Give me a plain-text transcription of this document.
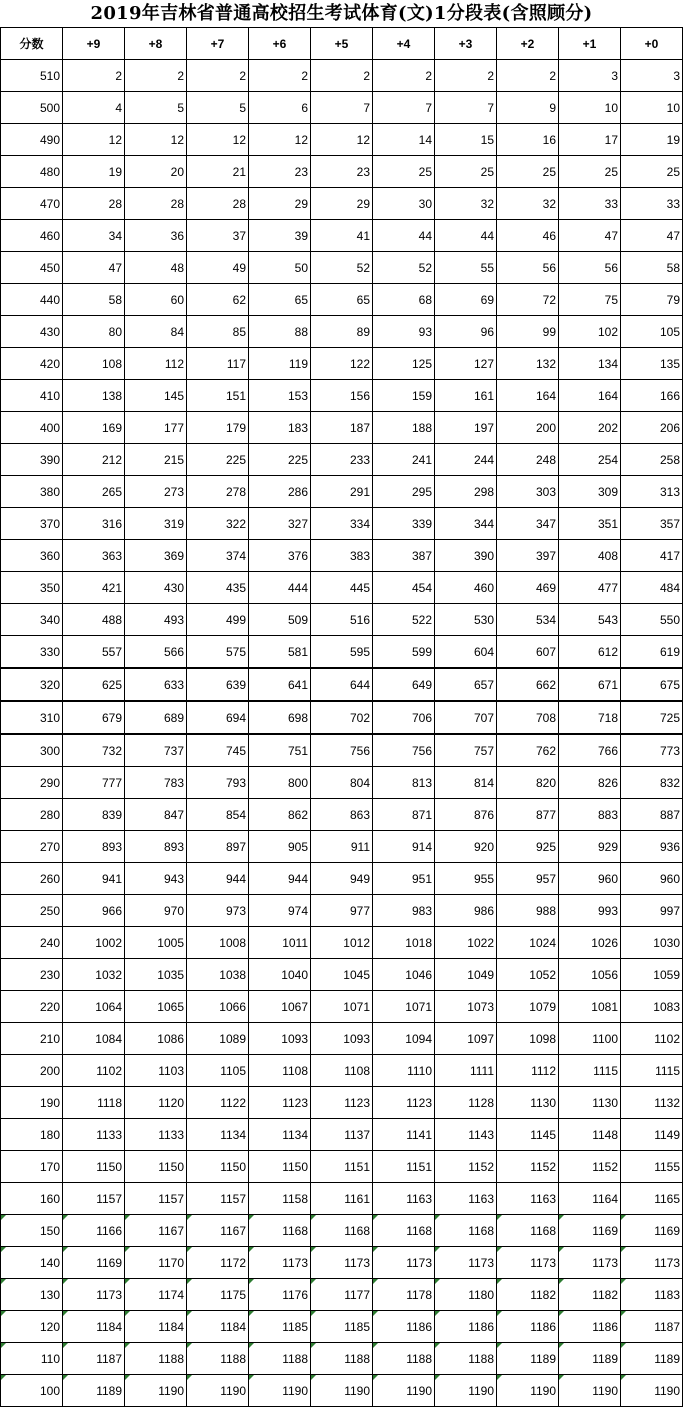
2019年吉林省普通高校招生考试体育(文)1分段表(含照顾分)
分数	+9	+8	+7	+6	+5	+4	+3	+2	+1	+0
510	2	2	2	2	2	2	2	2	3	3
500	4	5	5	6	7	7	7	9	10	10
490	12	12	12	12	12	14	15	16	17	19
480	19	20	21	23	23	25	25	25	25	25
470	28	28	28	29	29	30	32	32	33	33
460	34	36	37	39	41	44	44	46	47	47
450	47	48	49	50	52	52	55	56	56	58
440	58	60	62	65	65	68	69	72	75	79
430	80	84	85	88	89	93	96	99	102	105
420	108	112	117	119	122	125	127	132	134	135
410	138	145	151	153	156	159	161	164	164	166
400	169	177	179	183	187	188	197	200	202	206
390	212	215	225	225	233	241	244	248	254	258
380	265	273	278	286	291	295	298	303	309	313
370	316	319	322	327	334	339	344	347	351	357
360	363	369	374	376	383	387	390	397	408	417
350	421	430	435	444	445	454	460	469	477	484
340	488	493	499	509	516	522	530	534	543	550
330	557	566	575	581	595	599	604	607	612	619
320	625	633	639	641	644	649	657	662	671	675
310	679	689	694	698	702	706	707	708	718	725
300	732	737	745	751	756	756	757	762	766	773
290	777	783	793	800	804	813	814	820	826	832
280	839	847	854	862	863	871	876	877	883	887
270	893	893	897	905	911	914	920	925	929	936
260	941	943	944	944	949	951	955	957	960	960
250	966	970	973	974	977	983	986	988	993	997
240	1002	1005	1008	1011	1012	1018	1022	1024	1026	1030
230	1032	1035	1038	1040	1045	1046	1049	1052	1056	1059
220	1064	1065	1066	1067	1071	1071	1073	1079	1081	1083
210	1084	1086	1089	1093	1093	1094	1097	1098	1100	1102
200	1102	1103	1105	1108	1108	1110	1111	1112	1115	1115
190	1118	1120	1122	1123	1123	1123	1128	1130	1130	1132
180	1133	1133	1134	1134	1137	1141	1143	1145	1148	1149
170	1150	1150	1150	1150	1151	1151	1152	1152	1152	1155
160	1157	1157	1157	1158	1161	1163	1163	1163	1164	1165
150	1166	1167	1167	1168	1168	1168	1168	1168	1169	1169
140	1169	1170	1172	1173	1173	1173	1173	1173	1173	1173
130	1173	1174	1175	1176	1177	1178	1180	1182	1182	1183
120	1184	1184	1184	1185	1185	1186	1186	1186	1186	1187
110	1187	1188	1188	1188	1188	1188	1188	1189	1189	1189
100	1189	1190	1190	1190	1190	1190	1190	1190	1190	1190
